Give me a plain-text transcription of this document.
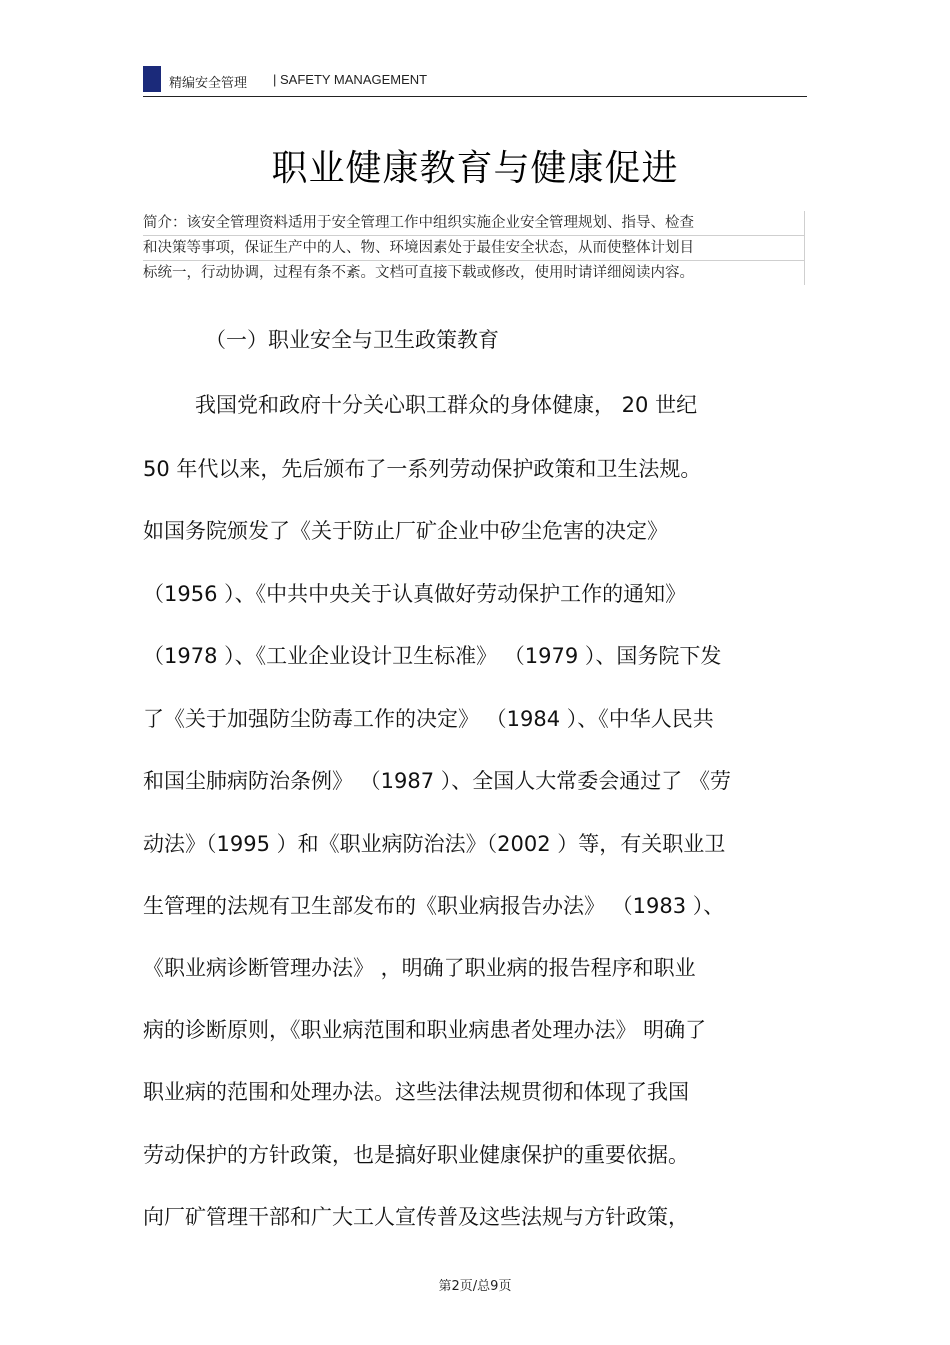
精编安全管理 | SAFETY MANAGEMENT
职业健康教育与健康促进
简介：该安全管理资料适用于安全管理工作中组织实施企业安全管理规划、指导、检查
和决策等事项，保证生产中的人、物、环境因素处于最佳安全状态，从而使整体计划目
标统一，行动协调，过程有条不紊。文档可直接下载或修改，使用时请详细阅读内容。
（一）职业安全与卫生政策教育
我国党和政府十分关心职工群众的身体健康， 20 世纪
50 年代以来，先后颁布了一系列劳动保护政策和卫生法规。
如国务院颁发了《关于防止厂矿企业中矽尘危害的决定》
（1956 ）、《中共中央关于认真做好劳动保护工作的通知》
（1978 ）、《工业企业设计卫生标准》 （1979 ）、国务院下发
了《关于加强防尘防毒工作的决定》 （1984 ）、《中华人民共
和国尘肺病防治条例》 （1987 ）、全国人大常委会通过了 《劳
动法》（1995 ）和《职业病防治法》（2002 ）等，有关职业卫
生管理的法规有卫生部发布的《职业病报告办法》 （1983 ）、
《职业病诊断管理办法》 ，明确了职业病的报告程序和职业
病的诊断原则，《职业病范围和职业病患者处理办法》 明确了
职业病的范围和处理办法。这些法律法规贯彻和体现了我国
劳动保护的方针政策，也是搞好职业健康保护的重要依据。
向厂矿管理干部和广大工人宣传普及这些法规与方针政策，
第2页/总9页
